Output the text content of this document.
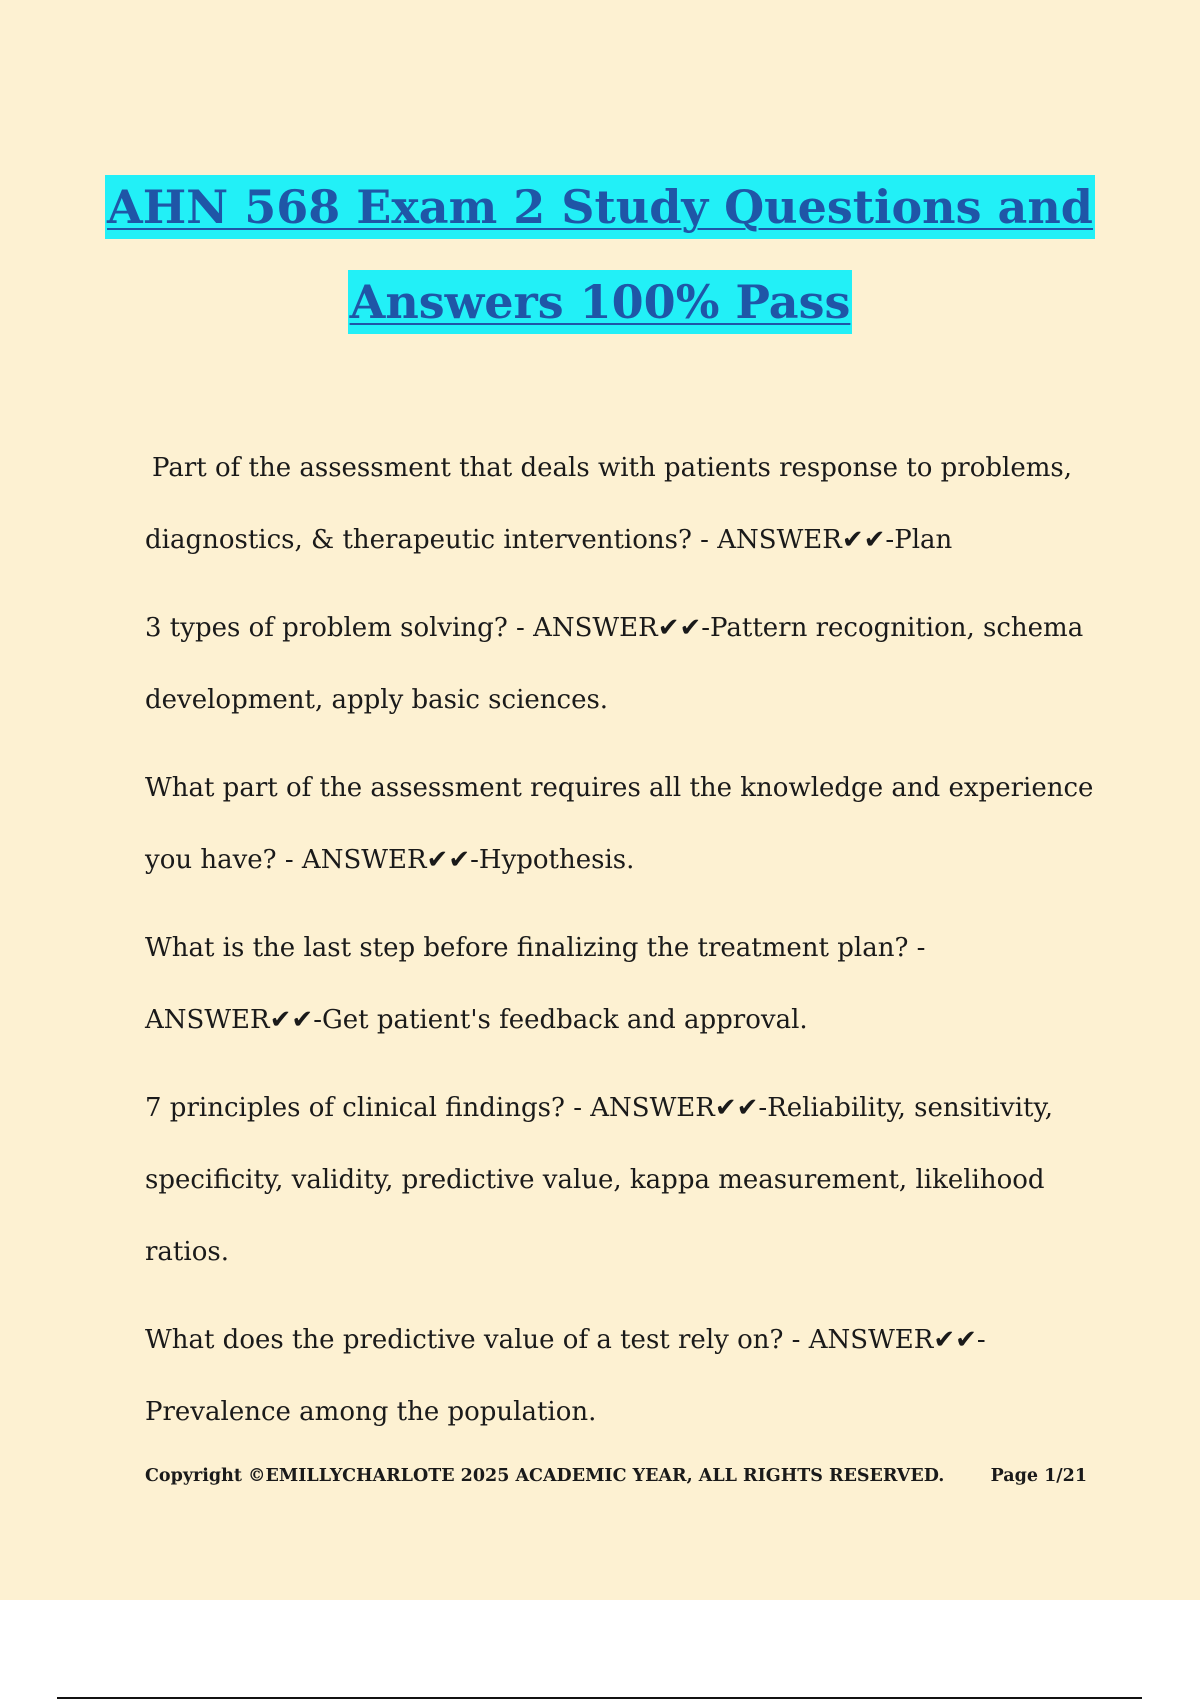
AHN 568 Exam 2 Study Questions and
Answers 100% Pass

Part of the assessment that deals with patients response to problems, diagnostics, & therapeutic interventions? - ANSWER✔✔-Plan

3 types of problem solving? - ANSWER✔✔-Pattern recognition, schema development, apply basic sciences.

What part of the assessment requires all the knowledge and experience you have? - ANSWER✔✔-Hypothesis.

What is the last step before finalizing the treatment plan? - ANSWER✔✔-Get patient's feedback and approval.

7 principles of clinical findings? - ANSWER✔✔-Reliability, sensitivity, specificity, validity, predictive value, kappa measurement, likelihood ratios.

What does the predictive value of a test rely on? - ANSWER✔✔-Prevalence among the population.

Copyright ©EMILLYCHARLOTE 2025 ACADEMIC YEAR, ALL RIGHTS RESERVED.	Page 1/21
